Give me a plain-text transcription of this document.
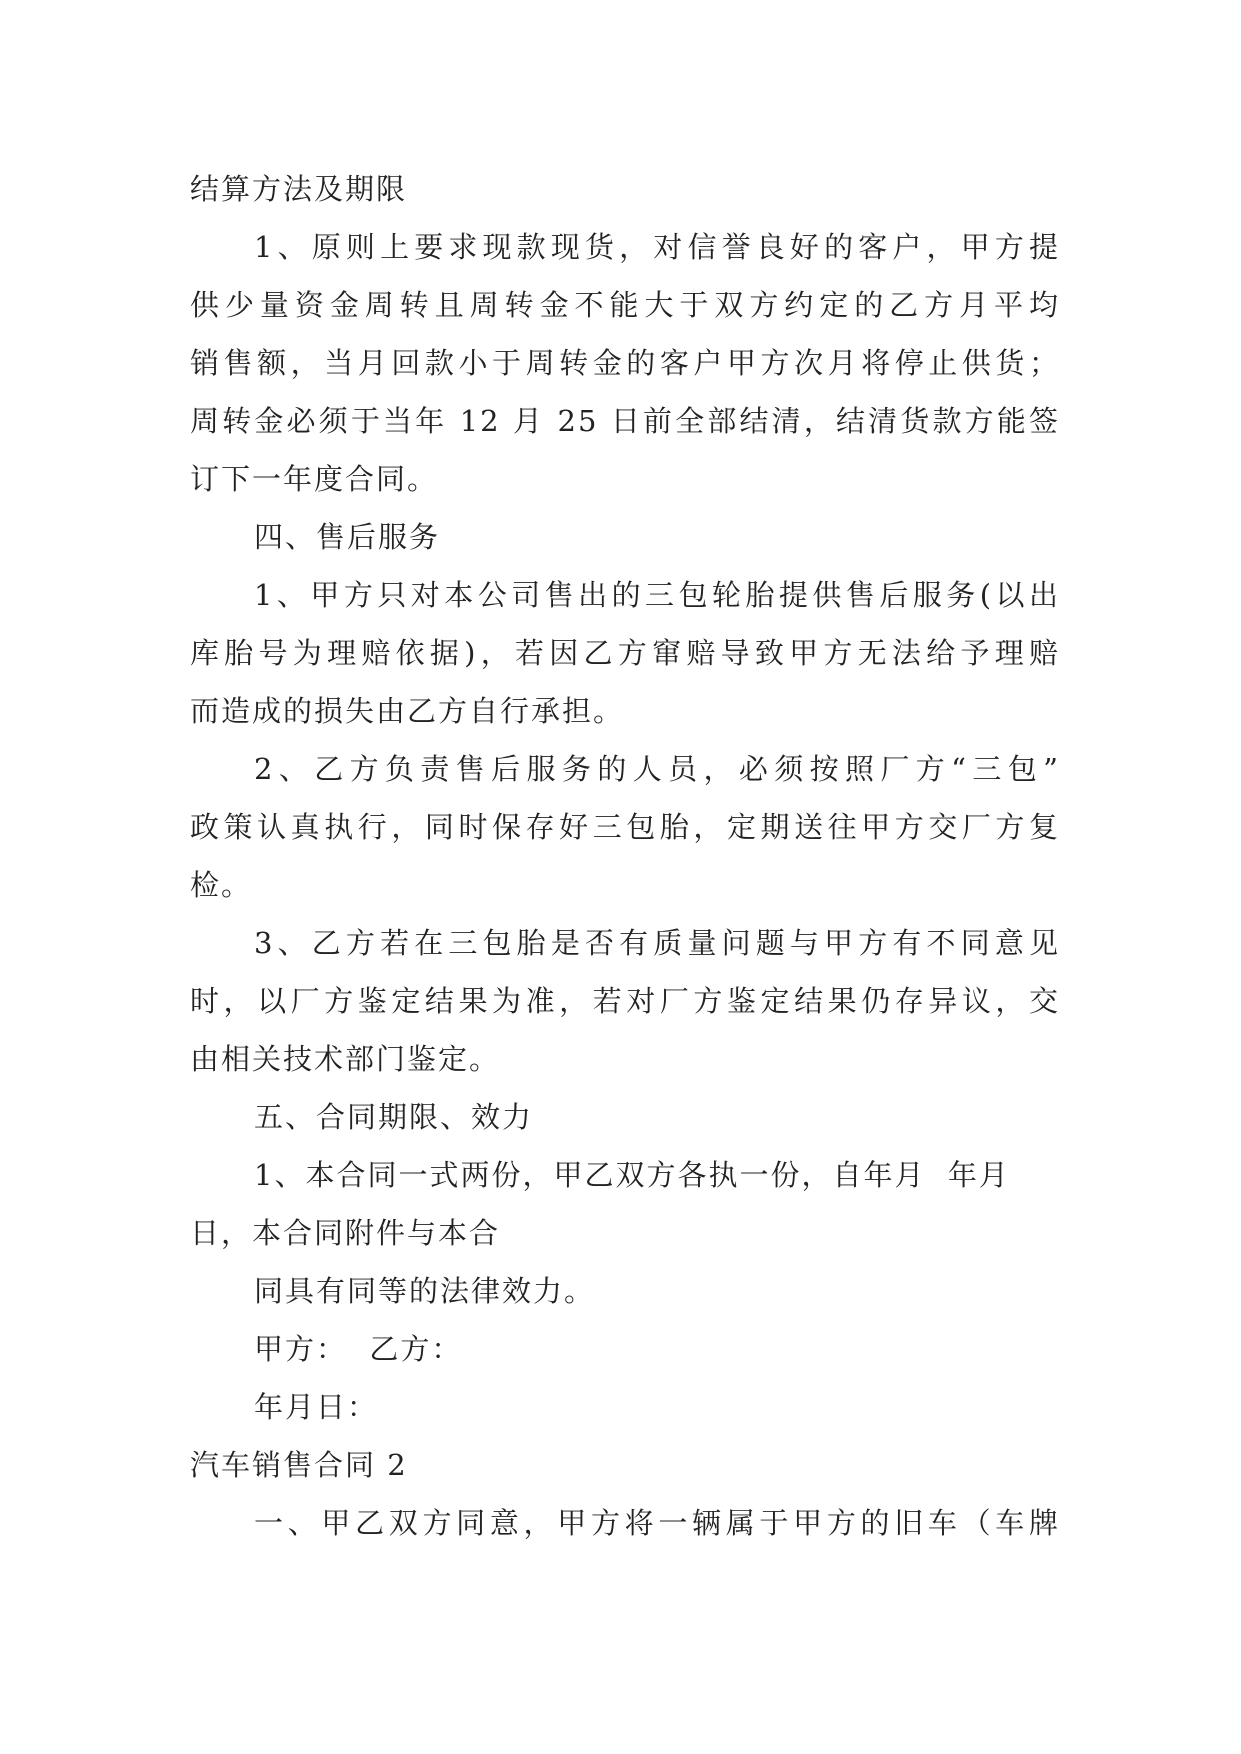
结算方法及期限
1、原则上要求现款现货，对信誉良好的客户，甲方提
供少量资金周转且周转金不能大于双方约定的乙方月平均
销售额，当月回款小于周转金的客户甲方次月将停止供货；
周转金必须于当年 12 月 25 日前全部结清，结清货款方能签
订下一年度合同。
四、售后服务
1、甲方只对本公司售出的三包轮胎提供售后服务(以出
库胎号为理赔依据)，若因乙方窜赔导致甲方无法给予理赔
而造成的损失由乙方自行承担。
2、乙方负责售后服务的人员，必须按照厂方“三包”
政策认真执行，同时保存好三包胎，定期送往甲方交厂方复
检。
3、乙方若在三包胎是否有质量问题与甲方有不同意见
时，以厂方鉴定结果为准，若对厂方鉴定结果仍存异议，交
由相关技术部门鉴定。
五、合同期限、效力
1、本合同一式两份，甲乙双方各执一份，自年月  年月
日，本合同附件与本合
同具有同等的法律效力。
甲方：  乙方：
年月日：
汽车销售合同 2
一、甲乙双方同意，甲方将一辆属于甲方的旧车（车牌
